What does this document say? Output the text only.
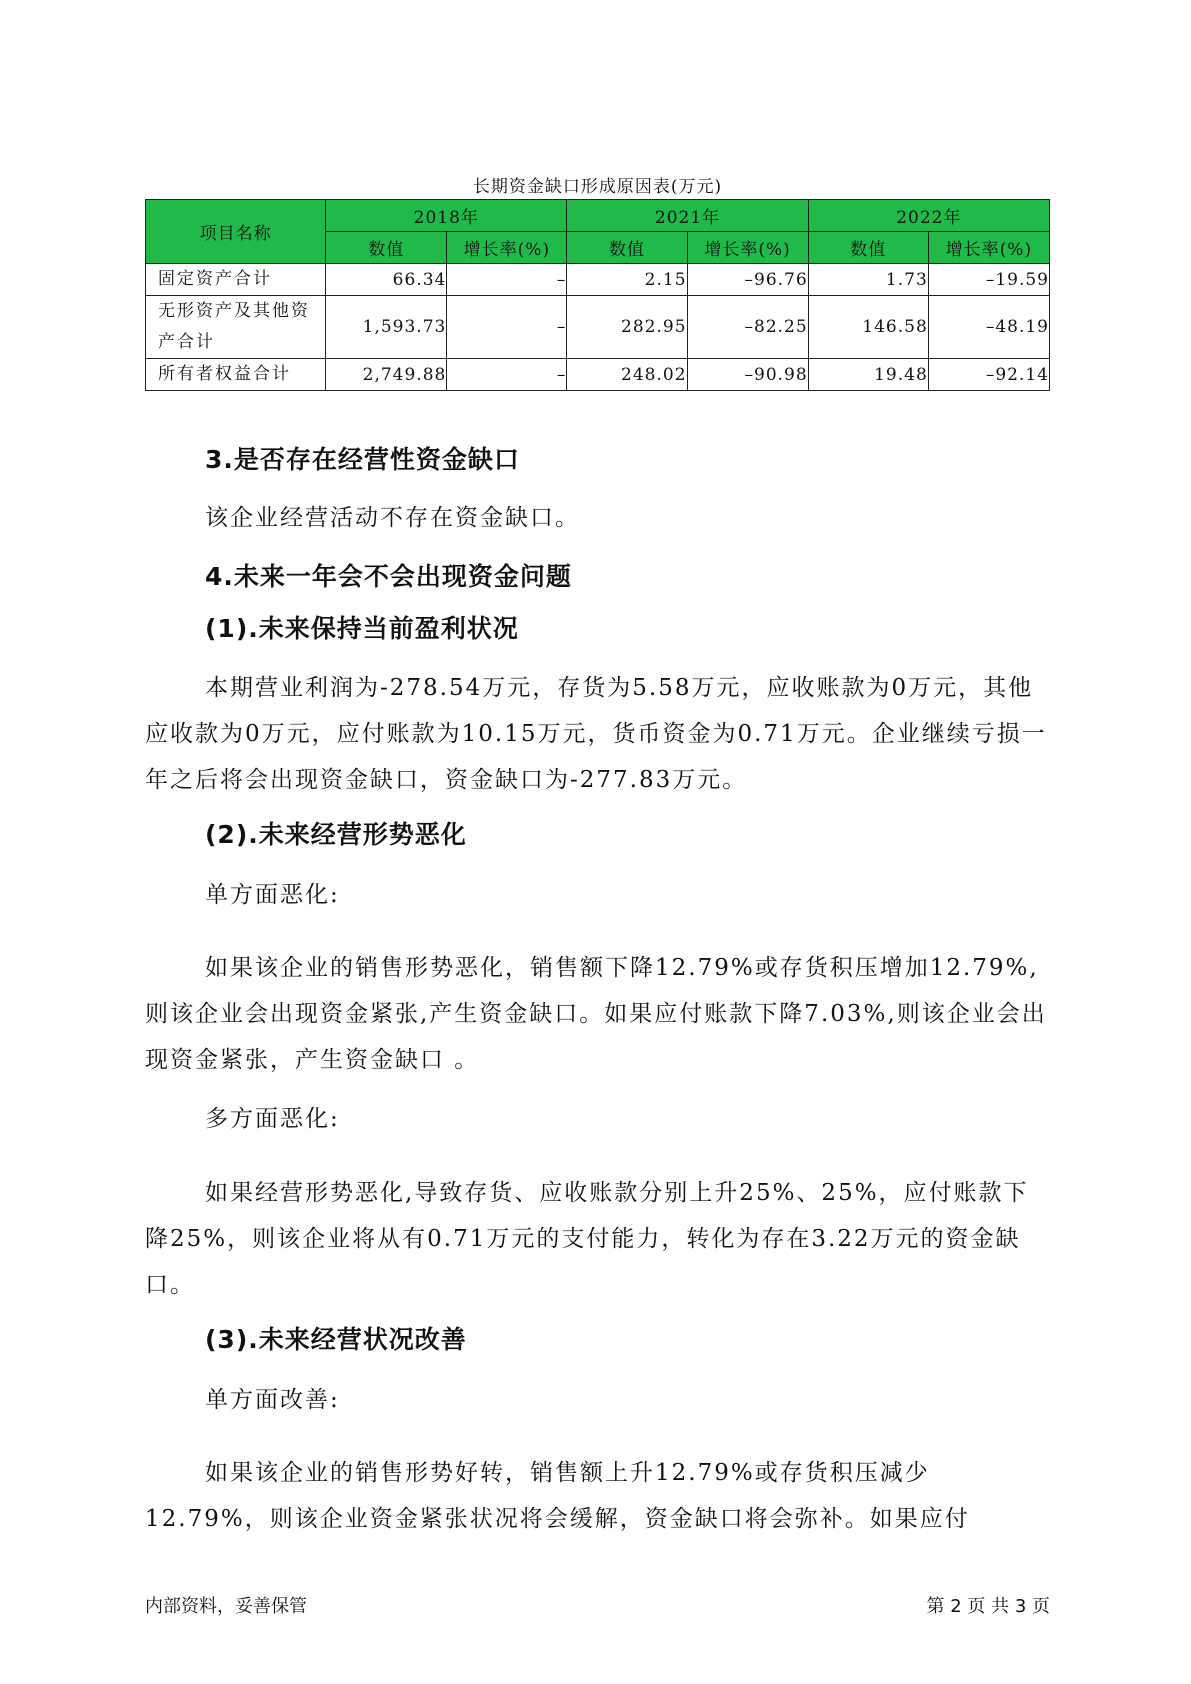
长期资金缺口形成原因表(万元)
项目名称	2018年		2021年		2022年	
	数值	增长率(%)	数值	增长率(%)	数值	增长率(%)
固定资产合计	66.34	–	2.15	–96.76	1.73	–19.59
无形资产及其他资产合计	1,593.73	–	282.95	–82.25	146.58	–48.19
所有者权益合计	2,749.88	–	248.02	–90.98	19.48	–92.14
3.是否存在经营性资金缺口
该企业经营活动不存在资金缺口。
4.未来一年会不会出现资金问题
(1).未来保持当前盈利状况
本期营业利润为-278.54万元，存货为5.58万元，应收账款为0万元，其他应收款为0万元，应付账款为10.15万元，货币资金为0.71万元。企业继续亏损一年之后将会出现资金缺口，资金缺口为-277.83万元。
(2).未来经营形势恶化
单方面恶化:
如果该企业的销售形势恶化，销售额下降12.79%或存货积压增加12.79%,则该企业会出现资金紧张,产生资金缺口。如果应付账款下降7.03%,则该企业会出现资金紧张，产生资金缺口 。
多方面恶化:
如果经营形势恶化,导致存货、应收账款分别上升25%、25%，应付账款下降25%，则该企业将从有0.71万元的支付能力，转化为存在3.22万元的资金缺口。
(3).未来经营状况改善
单方面改善:
如果该企业的销售形势好转，销售额上升12.79%或存货积压减少12.79%，则该企业资金紧张状况将会缓解，资金缺口将会弥补。如果应付
内部资料，妥善保管	第 2 页 共 3 页
